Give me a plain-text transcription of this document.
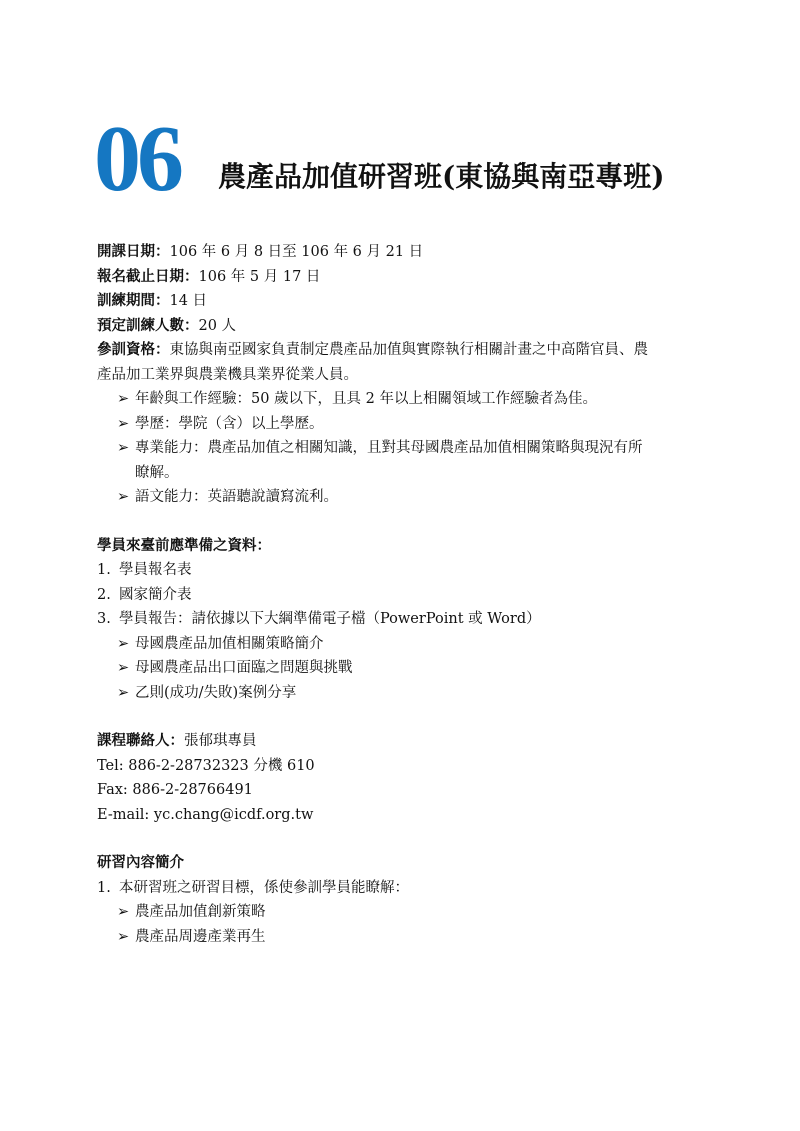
06 農產品加值研習班(東協與南亞專班)
開課日期：106 年 6 月 8 日至 106 年 6 月 21 日
報名截止日期：106 年 5 月 17 日
訓練期間：14 日
預定訓練人數：20 人
參訓資格：東協與南亞國家負責制定農產品加值與實際執行相關計畫之中高階官員、農
產品加工業界與農業機具業界從業人員。
➢ 年齡與工作經驗：50 歲以下，且具 2 年以上相關領域工作經驗者為佳。
➢ 學歷：學院（含）以上學歷。
➢ 專業能力：農產品加值之相關知識，且對其母國農產品加值相關策略與現況有所
瞭解。
➢ 語文能力：英語聽說讀寫流利。
學員來臺前應準備之資料：
1. 學員報名表
2. 國家簡介表
3. 學員報告：請依據以下大綱準備電子檔（PowerPoint 或 Word）
➢ 母國農產品加值相關策略簡介
➢ 母國農產品出口面臨之問題與挑戰
➢ 乙則(成功/失敗)案例分享
課程聯絡人：張郁琪專員
Tel: 886-2-28732323 分機 610
Fax: 886-2-28766491
E-mail: yc.chang@icdf.org.tw
研習內容簡介
1. 本研習班之研習目標，係使參訓學員能瞭解：
➢ 農產品加值創新策略
➢ 農產品周邊產業再生
